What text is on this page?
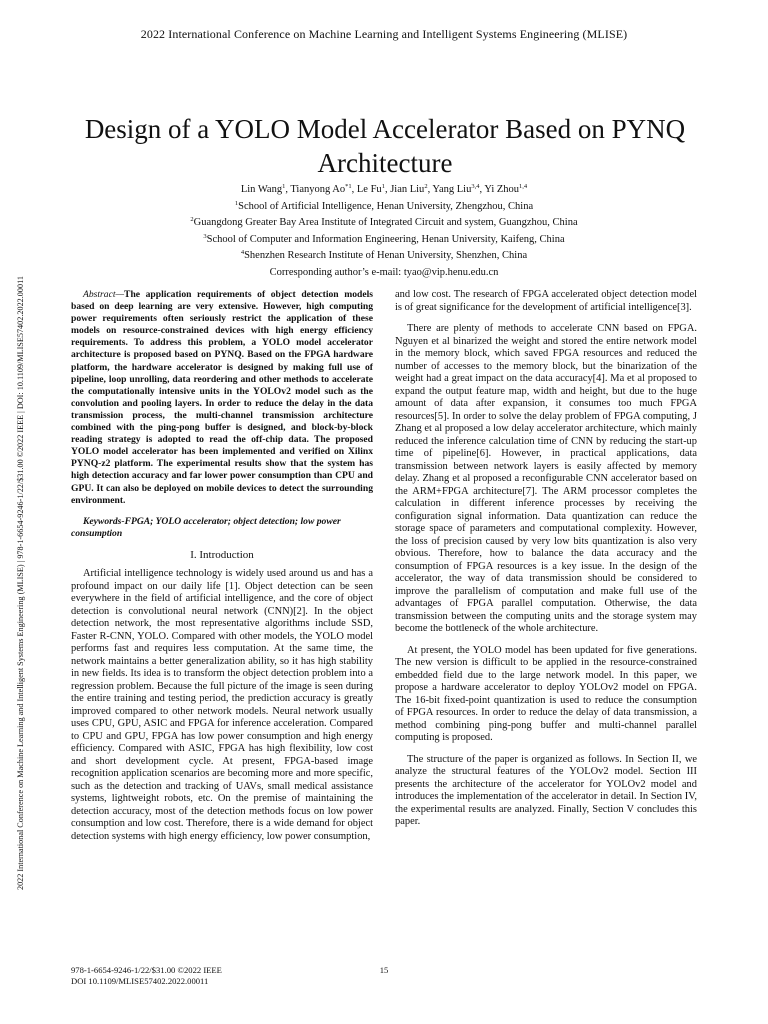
2022 International Conference on Machine Learning and Intelligent Systems Engineering (MLISE)
2022 International Conference on Machine Learning and Intelligent Systems Engineering (MLISE) | 978-1-6654-9246-1/22/$31.00 ©2022 IEEE | DOI: 10.1109/MLISE57402.2022.00011
Design of a YOLO Model Accelerator Based on PYNQ Architecture
Lin Wang$^1$, Tianyong Ao$^{*1}$, Le Fu$^1$, Jian Liu$^2$, Yang Liu$^{3,4}$, Yi Zhou$^{1,4}$
$^1$School of Artificial Intelligence, Henan University, Zhengzhou, China
$^2$Guangdong Greater Bay Area Institute of Integrated Circuit and system, Guangzhou, China
$^3$School of Computer and Information Engineering, Henan University, Kaifeng, China
$^4$Shenzhen Research Institute of Henan University, Shenzhen, China
Corresponding author’s e-mail: tyao@vip.henu.edu.cn

Abstract—The application requirements of object detection models based on deep learning are very extensive. However, high computing power requirements often seriously restrict the application of these models on resource-constrained devices with high energy efficiency requirements. To address this problem, a YOLO model accelerator architecture is proposed based on PYNQ. Based on the FPGA hardware platform, the hardware accelerator is designed by making full use of pipeline, loop unrolling, data reordering and other methods to accelerate the computationally intensive units in the YOLOv2 model such as the convolution and pooling layers. In order to reduce the delay in the data transmission process, the multi-channel transmission architecture combined with the ping-pong buffer is designed, and block-by-block reading strategy is adopted to read the off-chip data. The proposed YOLO model accelerator has been implemented and verified on Xilinx PYNQ-z2 platform. The experimental results show that the system has high detection accuracy and far lower power consumption than CPU and GPU. It can also be deployed on mobile devices to detect the surrounding environment.

Keywords-FPGA; YOLO accelerator; object detection; low power consumption

I. Introduction

Artificial intelligence technology is widely used around us and has a profound impact on our daily life [1]. Object detection can be seen everywhere in the field of artificial intelligence, and the core of object detection is convolutional neural network (CNN)[2]. In the object detection network, the most representative algorithms include SSD, Faster R-CNN, YOLO. Compared with other models, the YOLO model performs fast and requires less computation. At the same time, the network maintains a better generalization ability, so it has high stability in new fields. Its idea is to transform the object detection problem into a regression problem. Because the full picture of the image is seen during the entire training and testing period, the prediction accuracy is greatly improved compared to other network models. Neural network usually uses CPU, GPU, ASIC and FPGA for inference acceleration. Compared to CPU and GPU, FPGA has low power consumption and high energy efficiency. Compared with ASIC, FPGA has high flexibility, low cost and short development cycle. At present, FPGA-based image recognition application scenarios are becoming more and more specific, such as the detection and tracking of UAVs, small medical assistance systems, lightweight robots, etc. On the premise of maintaining the detection accuracy, most of the detection methods focus on low power consumption and low cost. Therefore, there is a wide demand for object detection systems with high energy efficiency, low power consumption,

and low cost. The research of FPGA accelerated object detection model is of great significance for the development of artificial intelligence[3].

There are plenty of methods to accelerate CNN based on FPGA. Nguyen et al binarized the weight and stored the entire network model in the memory block, which saved FPGA resources and reduced the number of accesses to the memory block, but the binarization of the weight had a great impact on the data accuracy[4]. Ma et al proposed to expand the output feature map, width and height, but due to the huge amount of data after expansion, it consumes too much FPGA resources[5]. In order to solve the delay problem of FPGA computing, J Zhang et al proposed a low delay accelerator architecture, which mainly reduced the inference calculation time of CNN by reducing the start-up time of pipeline[6]. However, in practical applications, data transmission between network layers is easily affected by memory delay. Zhang et al proposed a reconfigurable CNN accelerator based on the ARM+FPGA architecture[7]. The ARM processor completes the calculation in different inference processes by receiving the configuration signal information. Data quantization can reduce the storage space of parameters and computational complexity. However, the loss of precision caused by very low bits quantization is also very obvious. Therefore, how to balance the data accuracy and the consumption of FPGA resources is a key issue. In the design of the accelerator, the way of data transmission should be considered to improve the parallelism of computation and make full use of the advantages of FPGA parallel computation. Otherwise, the data transmission between the computing units and the storage system may become the bottleneck of the whole architecture.

At present, the YOLO model has been updated for five generations. The new version is difficult to be applied in the resource-constrained embedded field due to the large network model. In this paper, we propose a hardware accelerator to deploy YOLOv2 model on FPGA. The 16-bit fixed-point quantization is used to reduce the consumption of FPGA resources. In order to reduce the delay of data transmission, a method combining ping-pong buffer and multi-channel parallel computing is proposed.

The structure of the paper is organized as follows. In Section II, we analyze the structural features of the YOLOv2 model. Section III presents the architecture of the accelerator for YOLOv2 model and introduces the implementation of the accelerator in detail. In Section IV, the experimental results are analyzed. Finally, Section V concludes this paper.

978-1-6654-9246-1/22/$31.00 ©2022 IEEE
DOI 10.1109/MLISE57402.2022.00011
15
